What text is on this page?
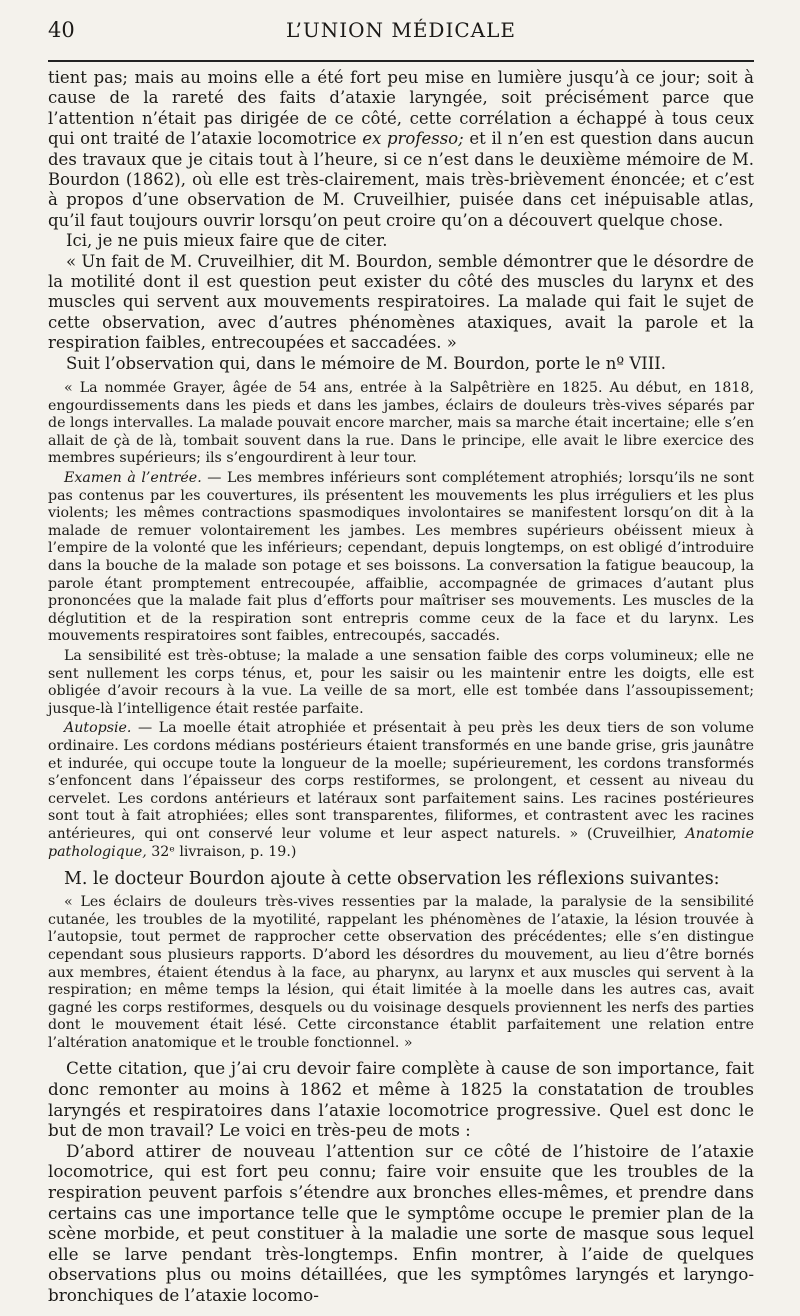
40	L’UNION MÉDICALE

tient pas; mais au moins elle a été fort peu mise en lumière jusqu’à ce jour; soit à cause de la rareté des faits d’ataxie laryngée, soit précisément parce que l’attention n’était pas dirigée de ce côté, cette corrélation a échappé à tous ceux qui ont traité de l’ataxie locomotrice ex professo; et il n’en est question dans aucun des travaux que je citais tout à l’heure, si ce n’est dans le deuxième mémoire de M. Bourdon (1862), où elle est très-clairement, mais très-brièvement énoncée; et c’est à propos d’une observation de M. Cruveilhier, puisée dans cet inépuisable atlas, qu’il faut toujours ouvrir lorsqu’on peut croire qu’on a découvert quelque chose.

Ici, je ne puis mieux faire que de citer.

« Un fait de M. Cruveilhier, dit M. Bourdon, semble démontrer que le désordre de la motilité dont il est question peut exister du côté des muscles du larynx et des muscles qui servent aux mouvements respiratoires. La malade qui fait le sujet de cette observation, avec d’autres phénomènes ataxiques, avait la parole et la respiration faibles, entrecoupées et saccadées. »

Suit l’observation qui, dans le mémoire de M. Bourdon, porte le nº VIII.

« La nommée Grayer, âgée de 54 ans, entrée à la Salpêtrière en 1825. Au début, en 1818, engourdissements dans les pieds et dans les jambes, éclairs de douleurs très-vives séparés par de longs intervalles. La malade pouvait encore marcher, mais sa marche était incertaine; elle s’en allait de çà de là, tombait souvent dans la rue. Dans le principe, elle avait le libre exercice des membres supérieurs; ils s’engourdirent à leur tour.

Examen à l’entrée. — Les membres inférieurs sont complétement atrophiés; lorsqu’ils ne sont pas contenus par les couvertures, ils présentent les mouvements les plus irréguliers et les plus violents; les mêmes contractions spasmodiques involontaires se manifestent lorsqu’on dit à la malade de remuer volontairement les jambes. Les membres supérieurs obéissent mieux à l’empire de la volonté que les inférieurs; cependant, depuis longtemps, on est obligé d’introduire dans la bouche de la malade son potage et ses boissons. La conversation la fatigue beaucoup, la parole étant promptement entrecoupée, affaiblie, accompagnée de grimaces d’autant plus prononcées que la malade fait plus d’efforts pour maîtriser ses mouvements. Les muscles de la déglutition et de la respiration sont entrepris comme ceux de la face et du larynx. Les mouvements respiratoires sont faibles, entrecoupés, saccadés.

La sensibilité est très-obtuse; la malade a une sensation faible des corps volumineux; elle ne sent nullement les corps ténus, et, pour les saisir ou les maintenir entre les doigts, elle est obligée d’avoir recours à la vue. La veille de sa mort, elle est tombée dans l’assoupissement; jusque-là l’intelligence était restée parfaite.

Autopsie. — La moelle était atrophiée et présentait à peu près les deux tiers de son volume ordinaire. Les cordons médians postérieurs étaient transformés en une bande grise, gris jaunâtre et indurée, qui occupe toute la longueur de la moelle; supérieurement, les cordons transformés s’enfoncent dans l’épaisseur des corps restiformes, se prolongent, et cessent au niveau du cervelet. Les cordons antérieurs et latéraux sont parfaitement sains. Les racines postérieures sont tout à fait atrophiées; elles sont transparentes, filiformes, et contrastent avec les racines antérieures, qui ont conservé leur volume et leur aspect naturels. » (Cruveilhier, Anatomie pathologique, 32ᵉ livraison, p. 19.)

M. le docteur Bourdon ajoute à cette observation les réflexions suivantes:

« Les éclairs de douleurs très-vives ressenties par la malade, la paralysie de la sensibilité cutanée, les troubles de la myotilité, rappelant les phénomènes de l’ataxie, la lésion trouvée à l’autopsie, tout permet de rapprocher cette observation des précédentes; elle s’en distingue cependant sous plusieurs rapports. D’abord les désordres du mouvement, au lieu d’être bornés aux membres, étaient étendus à la face, au pharynx, au larynx et aux muscles qui servent à la respiration; en même temps la lésion, qui était limitée à la moelle dans les autres cas, avait gagné les corps restiformes, desquels ou du voisinage desquels proviennent les nerfs des parties dont le mouvement était lésé. Cette circonstance établit parfaitement une relation entre l’altération anatomique et le trouble fonctionnel. »

Cette citation, que j’ai cru devoir faire complète à cause de son importance, fait donc remonter au moins à 1862 et même à 1825 la constatation de troubles laryngés et respiratoires dans l’ataxie locomotrice progressive. Quel est donc le but de mon travail? Le voici en très-peu de mots :

D’abord attirer de nouveau l’attention sur ce côté de l’histoire de l’ataxie locomotrice, qui est fort peu connu; faire voir ensuite que les troubles de la respiration peuvent parfois s’étendre aux bronches elles-mêmes, et prendre dans certains cas une importance telle que le symptôme occupe le premier plan de la scène morbide, et peut constituer à la maladie une sorte de masque sous lequel elle se larve pendant très-longtemps. Enfin montrer, à l’aide de quelques observations plus ou moins détaillées, que les symptômes laryngés et laryngo-bronchiques de l’ataxie locomo-
